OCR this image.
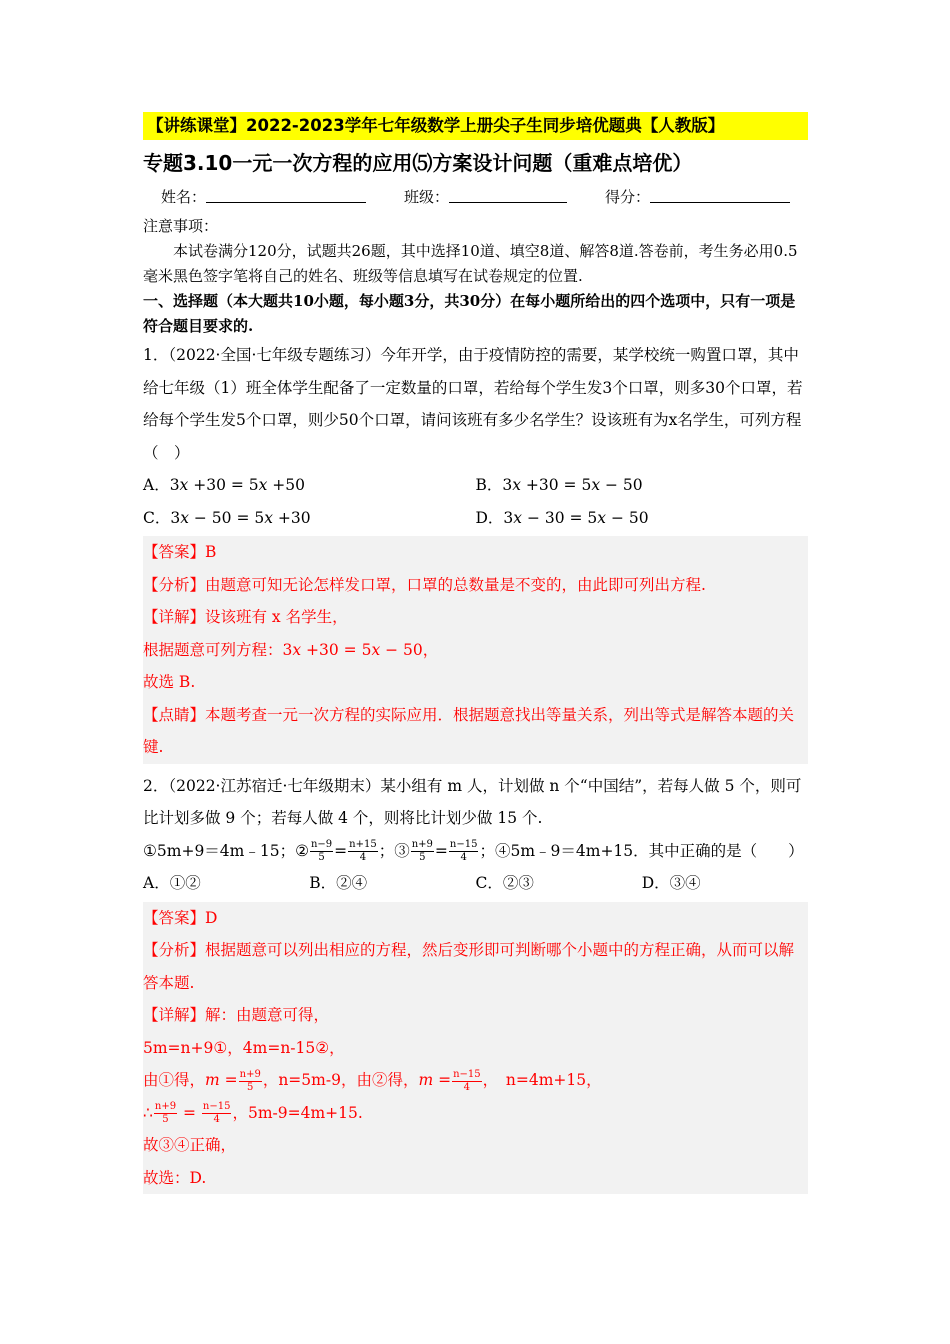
【讲练课堂】2022-2023学年七年级数学上册尖子生同步培优题典【人教版】
专题3.10一元一次方程的应用⑸方案设计问题（重难点培优）
姓名：	班级：	得分：

注意事项：

本试卷满分120分，试题共26题，其中选择10道、填空8道、解答8道.答卷前，考生务必用0.5毫米黑色签字笔将自己的姓名、班级等信息填写在试卷规定的位置.

一、选择题（本大题共10小题，每小题3分，共30分）在每小题所给出的四个选项中，只有一项是符合题目要求的.

1．（2022·全国·七年级专题练习）今年开学，由于疫情防控的需要，某学校统一购置口罩，其中给七年级（1）班全体学生配备了一定数量的口罩，若给每个学生发3个口罩，则多30个口罩，若给每个学生发5个口罩，则少50个口罩，请问该班有多少名学生？设该班有为x名学生，可列方程（　）

A．3𝑥 +30 = 5𝑥 +50	B．3𝑥 +30 = 5𝑥 − 50
C．3𝑥 − 50 = 5𝑥 +30	D．3𝑥 − 30 = 5𝑥 − 50

【答案】B

【分析】由题意可知无论怎样发口罩，口罩的总数量是不变的，由此即可列出方程.

【详解】设该班有 x 名学生，

根据题意可列方程：3𝑥 +30 = 5𝑥 − 50，

故选 B.

【点睛】本题考查一元一次方程的实际应用．根据题意找出等量关系，列出等式是解答本题的关键.

2．（2022·江苏宿迁·七年级期末）某小组有 m 人，计划做 n 个“中国结”，若每人做 5 个，则可比计划多做 9 个；若每人做 4 个，则将比计划少做 15 个.

①5m+9＝4m﹣15；② $\frac{n-9}{5} = \frac{n+15}{4}$ ；③ $\frac{n+9}{5} = \frac{n-15}{4}$ ；④5m﹣9＝4m+15．其中正确的是（　　）

A．①②	B．②④	C．②③	D．③④

【答案】D

【分析】根据题意可以列出相应的方程，然后变形即可判断哪个小题中的方程正确，从而可以解答本题.

【详解】解：由题意可得，

5m=n+9①，4m=n-15②，

由①得，𝑚 = $\frac{n+9}{5}$ ，n=5m-9，由②得，𝑚 = $\frac{n-15}{4}$ ，　n=4m+15，

∴ $\frac{n+9}{5} = \frac{n-15}{4}$ ，5m-9=4m+15.

故③④正确，

故选：D.
